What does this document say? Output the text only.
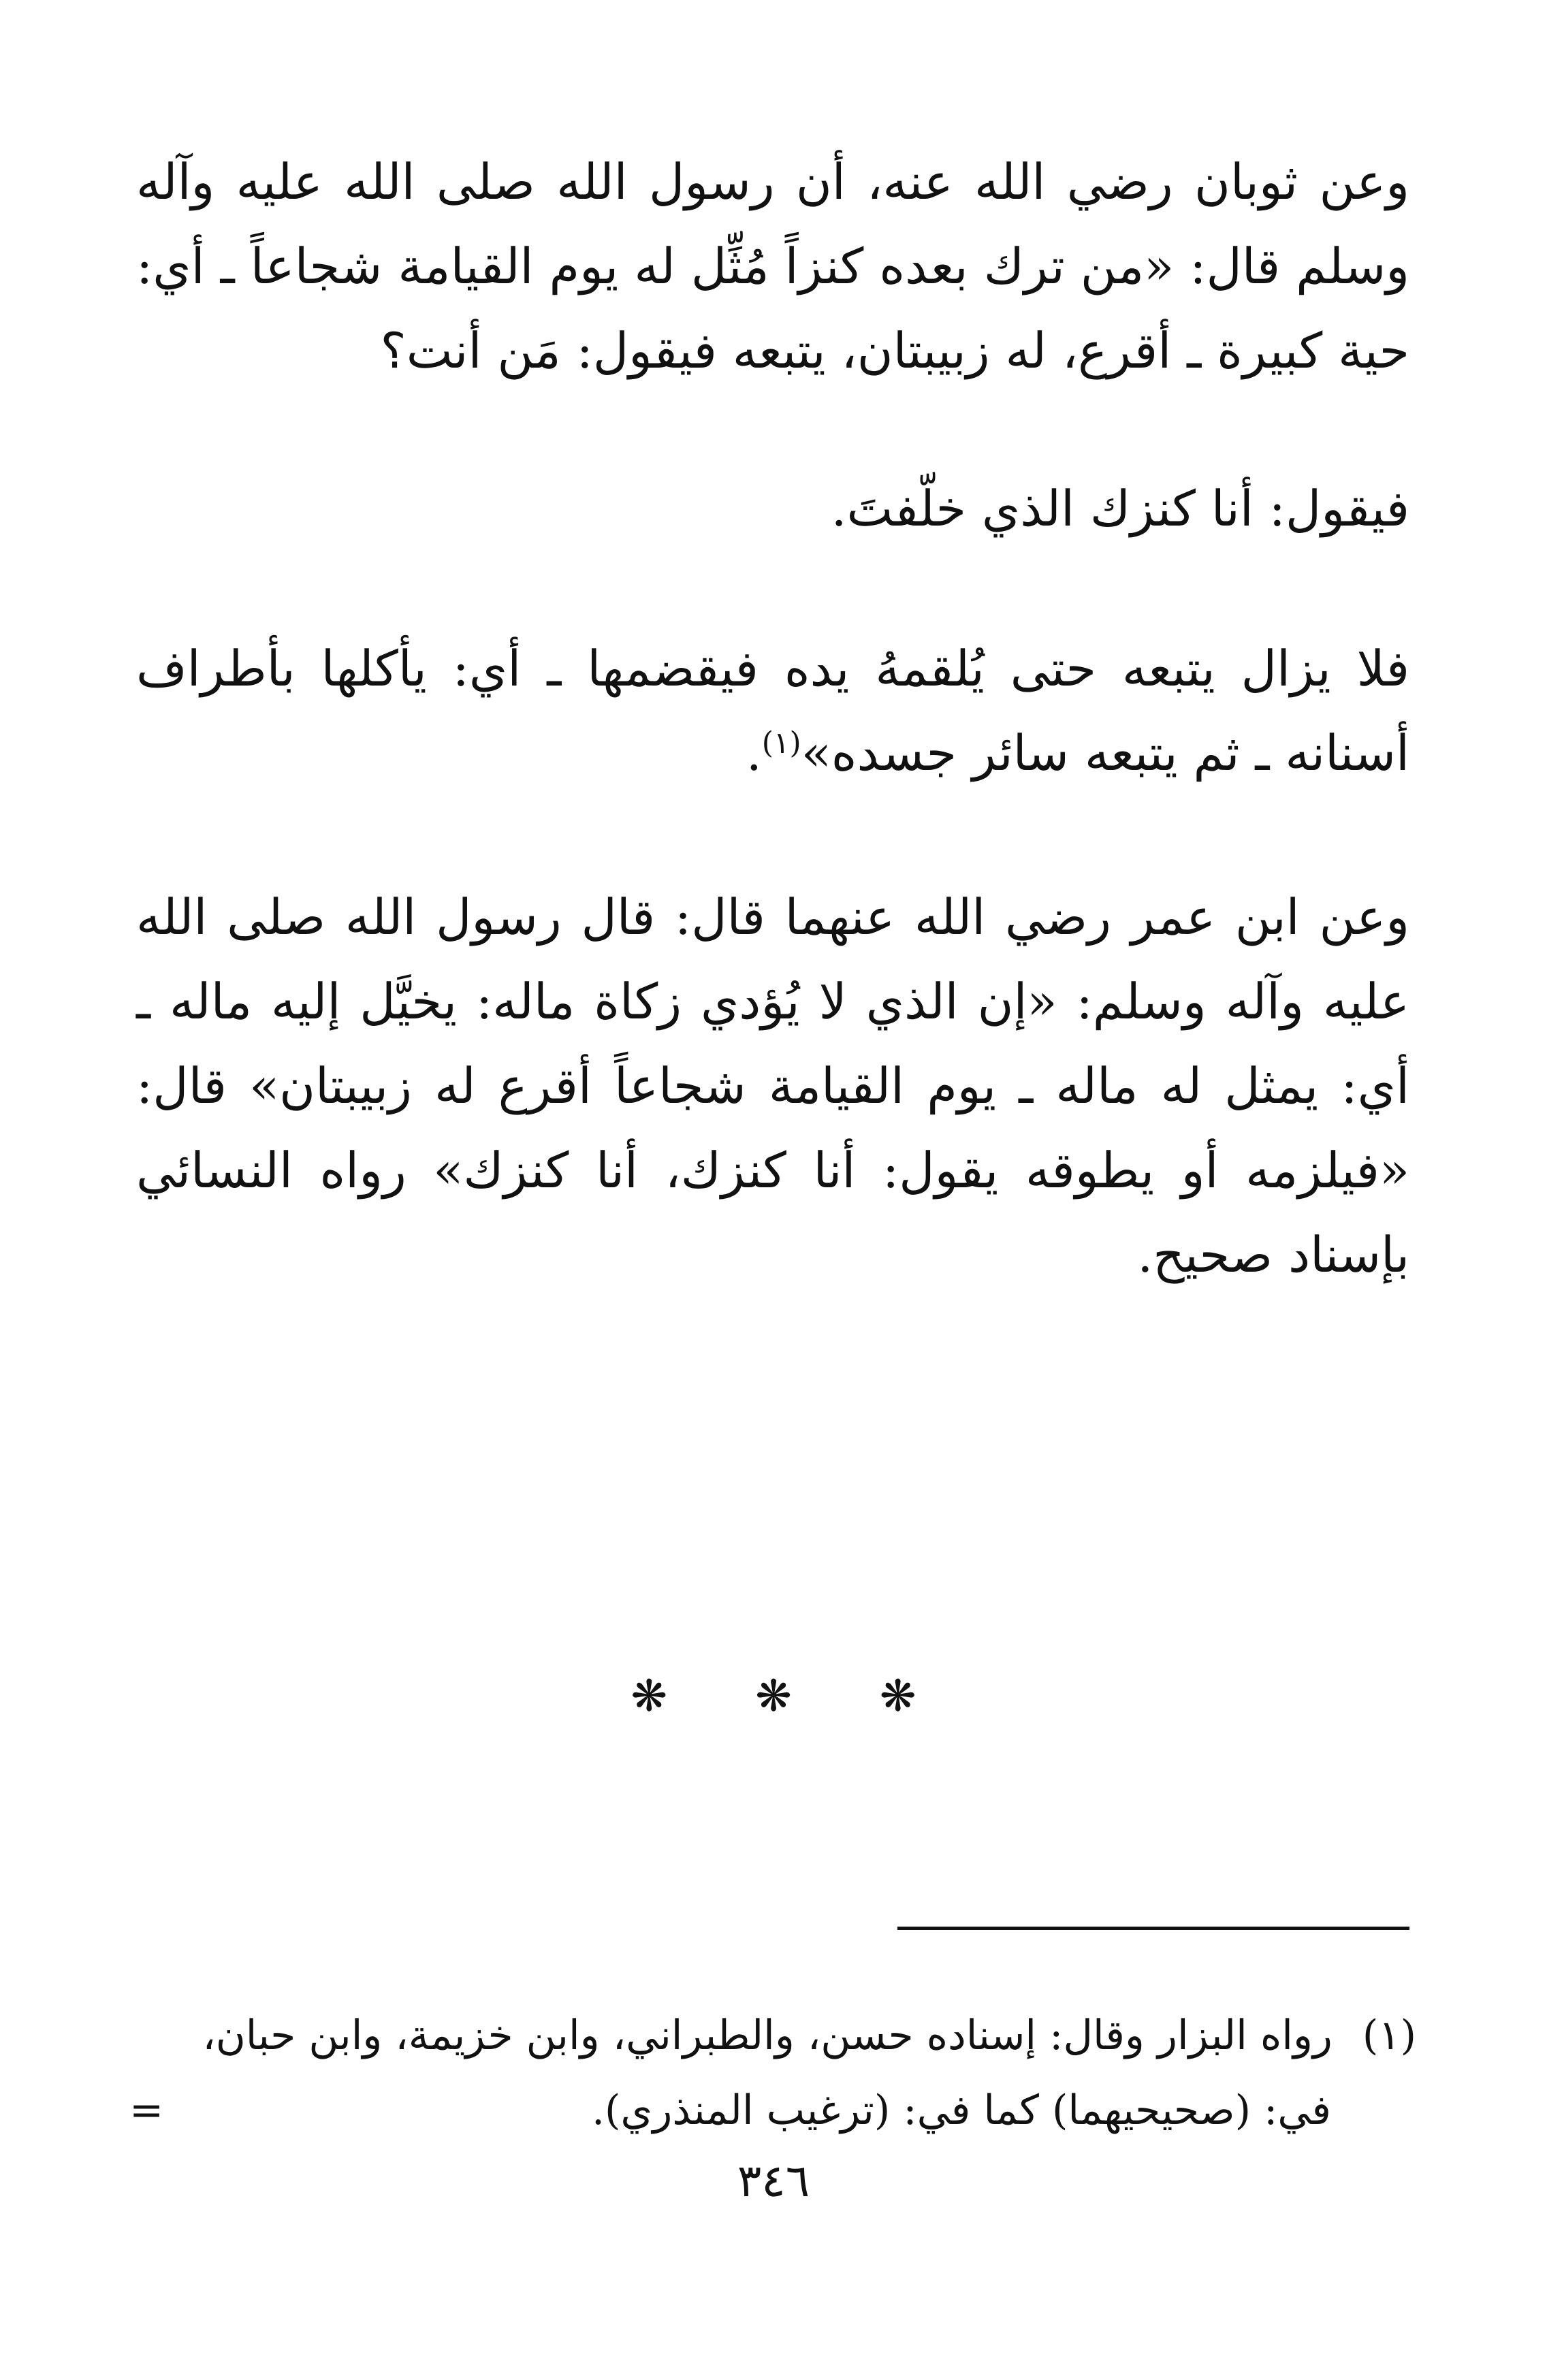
وعن ثوبان رضي الله عنه، أن رسول الله صلى الله عليه وآله وسلم قال: «من ترك بعده كنزاً مُثِّل له يوم القيامة شجاعاً ـ أي: حية كبيرة ـ أقرع، له زبيبتان، يتبعه فيقول: مَن أنت؟

فيقول: أنا كنزك الذي خلّفتَ.

فلا يزال يتبعه حتى يُلقمهُ يده فيقضمها ـ أي: يأكلها بأطراف أسنانه ـ ثم يتبعه سائر جسده»$^{(١)}$.

وعن ابن عمر رضي الله عنهما قال: قال رسول الله صلى الله عليه وآله وسلم: «إن الذي لا يُؤدي زكاة ماله: يخيَّل إليه ماله ـ أي: يمثل له ماله ـ يوم القيامة شجاعاً أقرع له زبيبتان» قال: «فيلزمه أو يطوقه يقول: أنا كنزك، أنا كنزك» رواه النسائي بإسناد صحيح.

❋ ❋ ❋

(١)رواه البزار وقال: إسناده حسن، والطبراني، وابن خزيمة، وابن حبان،

في: (صحيحيهما) كما في: (ترغيب المنذري).
=

٣٤٦
